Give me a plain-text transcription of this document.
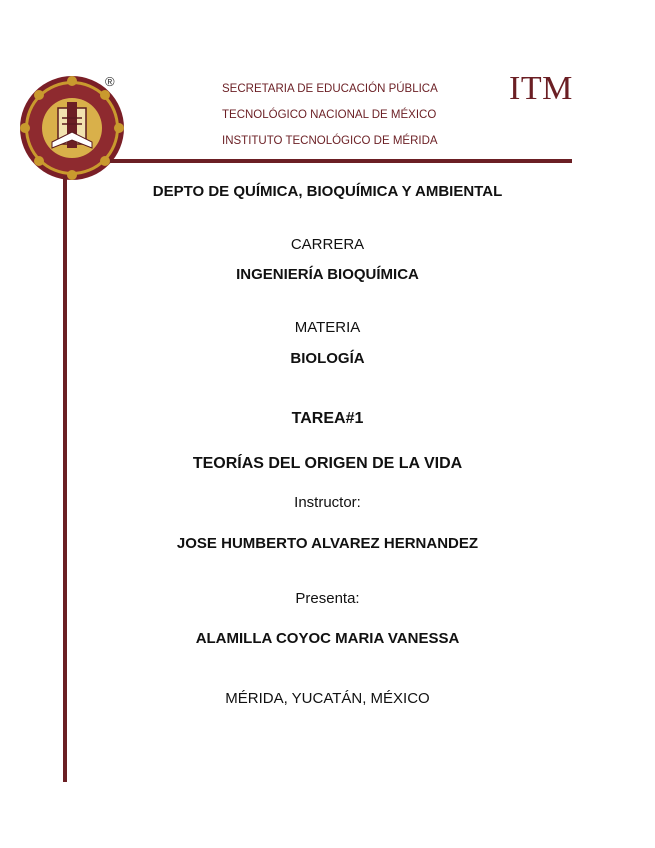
®	SECRETARIA DE EDUCACIÓN PÚBLICA
TECNOLÓGICO NACIONAL DE MÉXICO
INSTITUTO TECNOLÓGICO DE MÉRIDA
ITM
DEPTO DE QUÍMICA, BIOQUÍMICA Y AMBIENTAL
CARRERA
INGENIERÍA BIOQUÍMICA
MATERIA
BIOLOGÍA
TAREA#1
TEORÍAS DEL ORIGEN DE LA VIDA
Instructor:
JOSE HUMBERTO ALVAREZ HERNANDEZ
Presenta:
ALAMILLA COYOC MARIA VANESSA
MÉRIDA, YUCATÁN, MÉXICO
